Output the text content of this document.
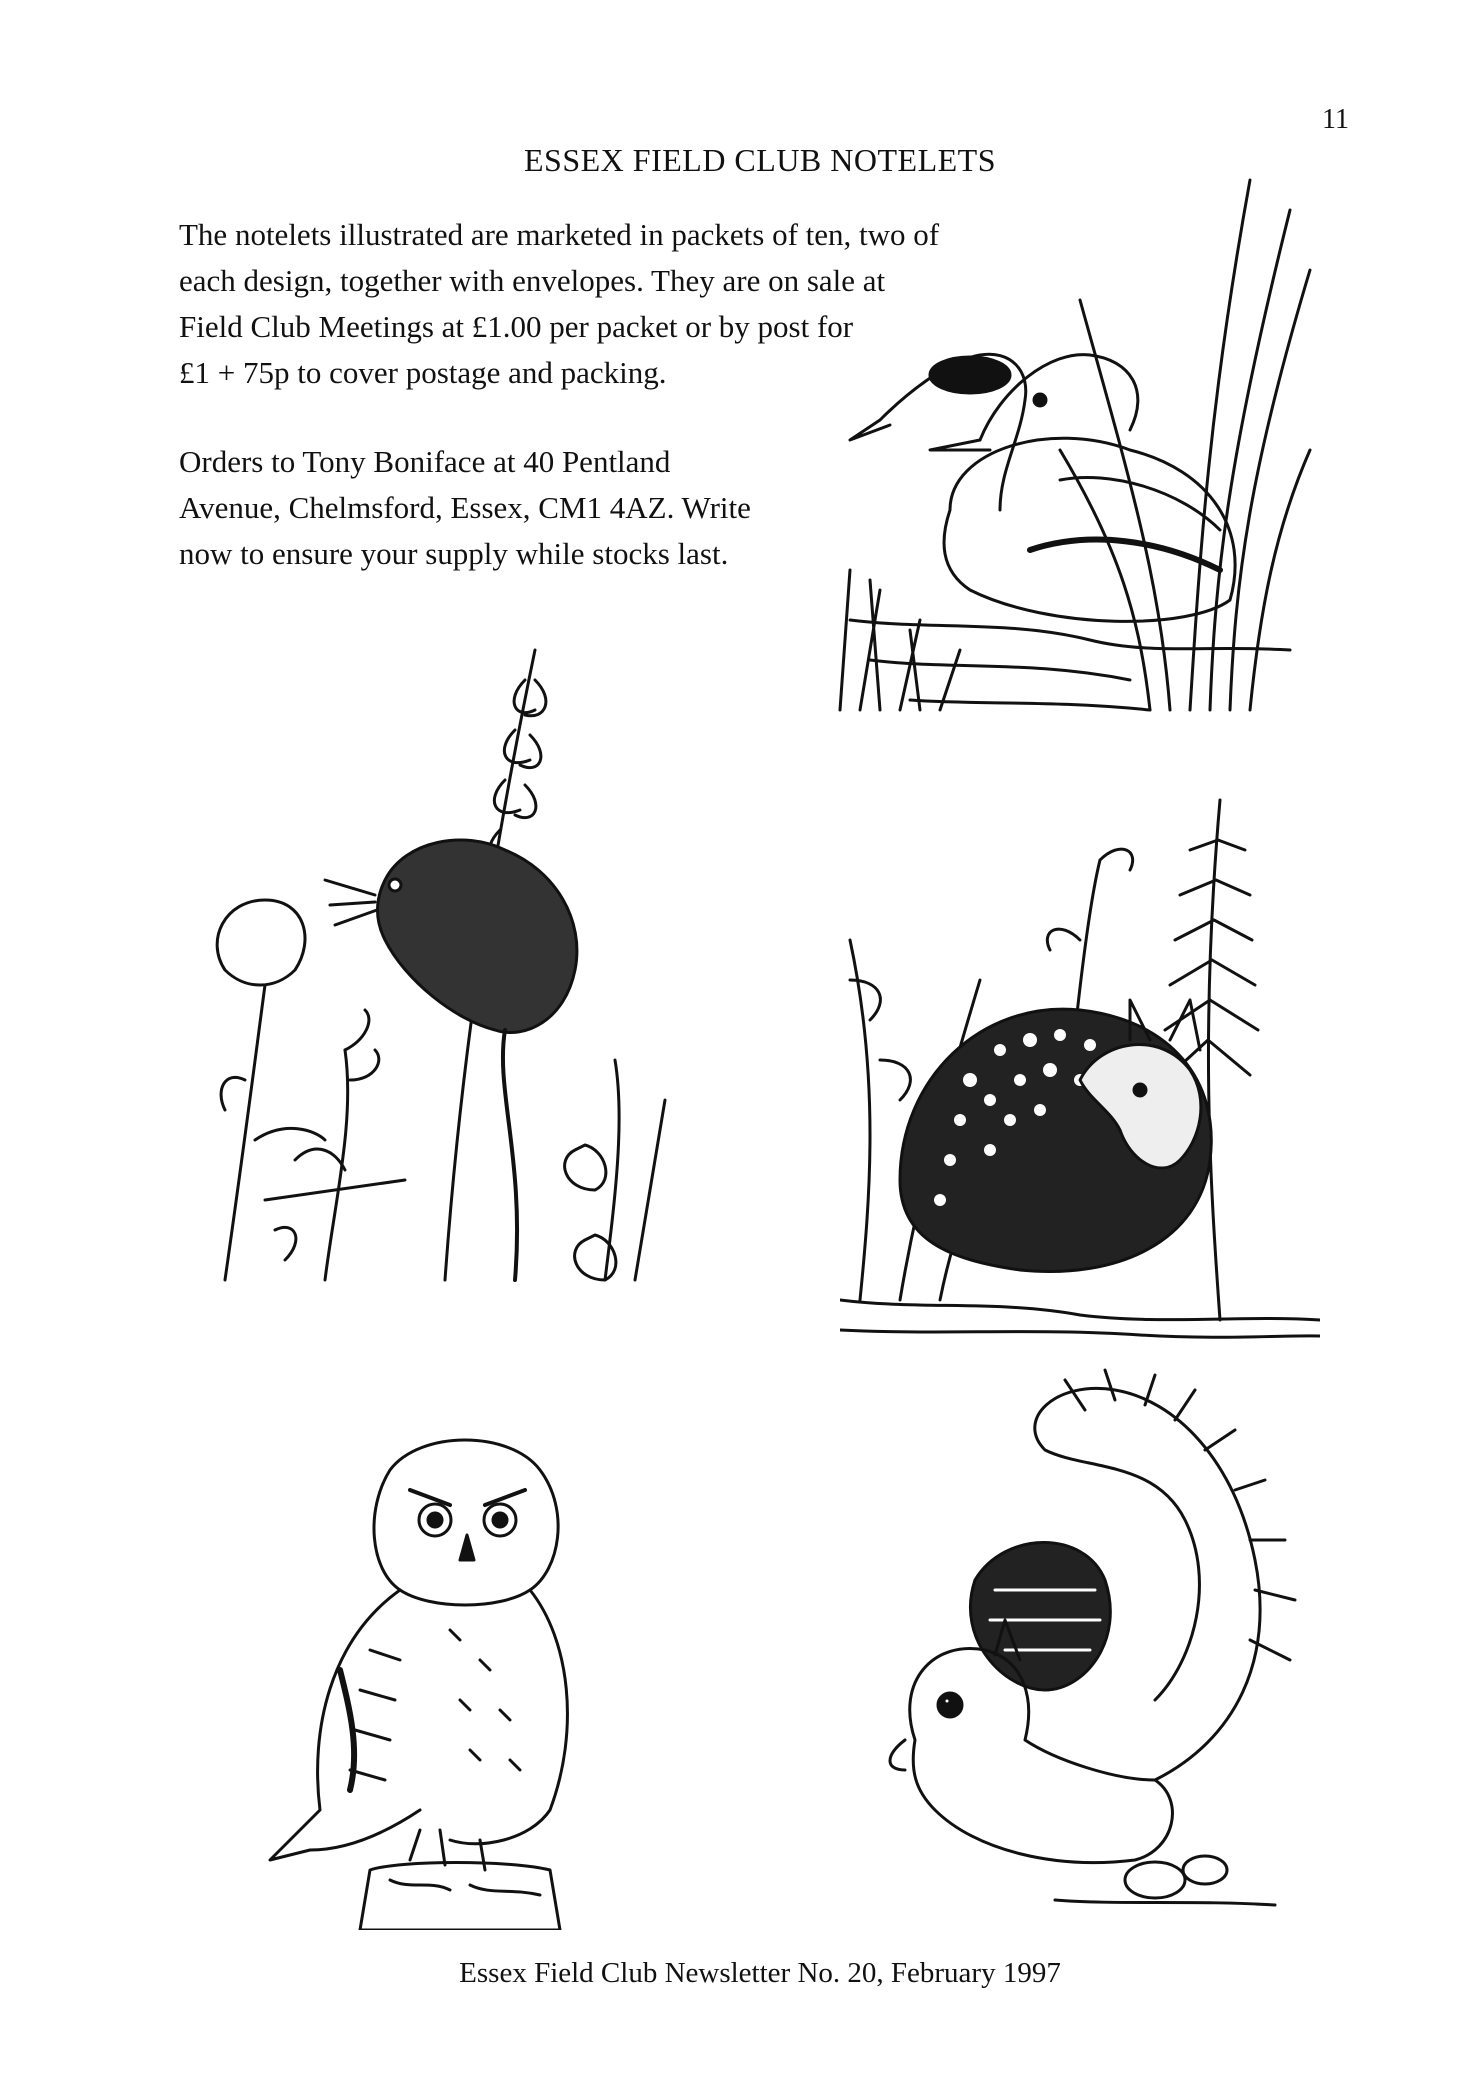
11
ESSEX FIELD CLUB NOTELETS
The notelets illustrated are marketed in packets of ten, two of
each design, together with envelopes. They are on sale at
Field Club Meetings at £1.00 per packet or by post for
£1 + 75p to cover postage and packing.
Orders to Tony Boniface at 40 Pentland
Avenue, Chelmsford, Essex, CM1 4AZ. Write
now to ensure your supply while stocks last.
Essex Field Club Newsletter No. 20, February 1997
